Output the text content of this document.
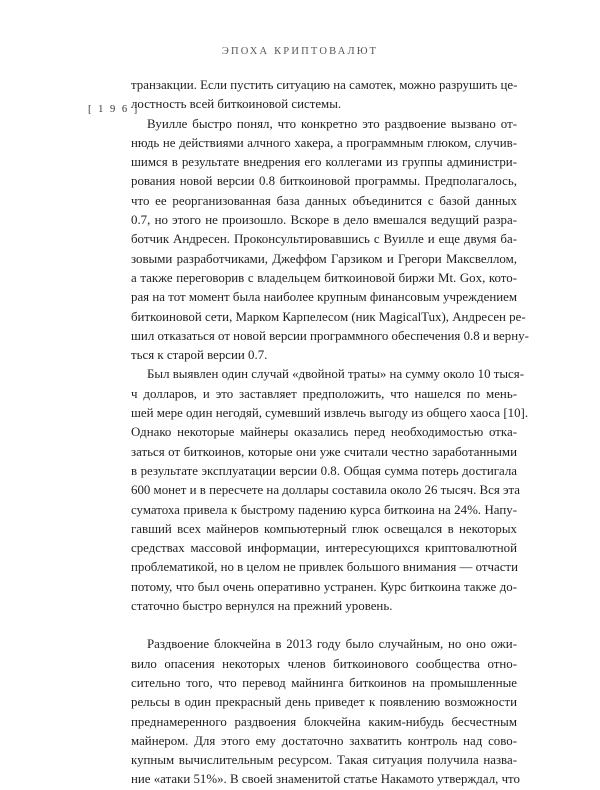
ЭПОХА КРИПТОВАЛЮТ
[ 1 9 6 ]
транзакции. Если пустить ситуацию на самотек, можно разрушить це-
лостность всей биткоиновой системы.
Вуилле быстро понял, что конкретно это раздвоение вызвано от-
нюдь не действиями алчного хакера, а программным глюком, случив-
шимся в результате внедрения его коллегами из группы администри-
рования новой версии 0.8 биткоиновой программы. Предполагалось,
что ее реорганизованная база данных объединится с базой данных
0.7, но этого не произошло. Вскоре в дело вмешался ведущий разра-
ботчик Андресен. Проконсультировавшись с Вуилле и еще двумя ба-
зовыми разработчиками, Джеффом Гарзиком и Грегори Максвеллом,
а также переговорив с владельцем биткоиновой биржи Mt. Gox, кото-
рая на тот момент была наиболее крупным финансовым учреждением
биткоиновой сети, Марком Карпелесом (ник MagicalTux), Андресен ре-
шил отказаться от новой версии программного обеспечения 0.8 и верну-
ться к старой версии 0.7.
Был выявлен один случай «двойной траты» на сумму около 10 тыся-
ч долларов, и это заставляет предположить, что нашелся по мень-
шей мере один негодяй, сумевший извлечь выгоду из общего хаоса [10].
Однако некоторые майнеры оказались перед необходимостью отка-
заться от биткоинов, которые они уже считали честно заработанными
в результате эксплуатации версии 0.8. Общая сумма потерь достигала
600 монет и в пересчете на доллары составила около 26 тысяч. Вся эта
суматоха привела к быстрому падению курса биткоина на 24%. Напу-
гавший всех майнеров компьютерный глюк освещался в некоторых
средствах массовой информации, интересующихся криптовалютной
проблематикой, но в целом не привлек большого внимания — отчасти
потому, что был очень оперативно устранен. Курс биткоина также до-
статочно быстро вернулся на прежний уровень.
Раздвоение блокчейна в 2013 году было случайным, но оно ожи-
вило опасения некоторых членов биткоинового сообщества отно-
сительно того, что перевод майнинга биткоинов на промышленные
рельсы в один прекрасный день приведет к появлению возможности
преднамеренного раздвоения блокчейна каким-нибудь бесчестным
майнером. Для этого ему достаточно захватить контроль над сово-
купным вычислительным ресурсом. Такая ситуация получила назва-
ние «атаки 51%». В своей знаменитой статье Накамото утверждал, что
